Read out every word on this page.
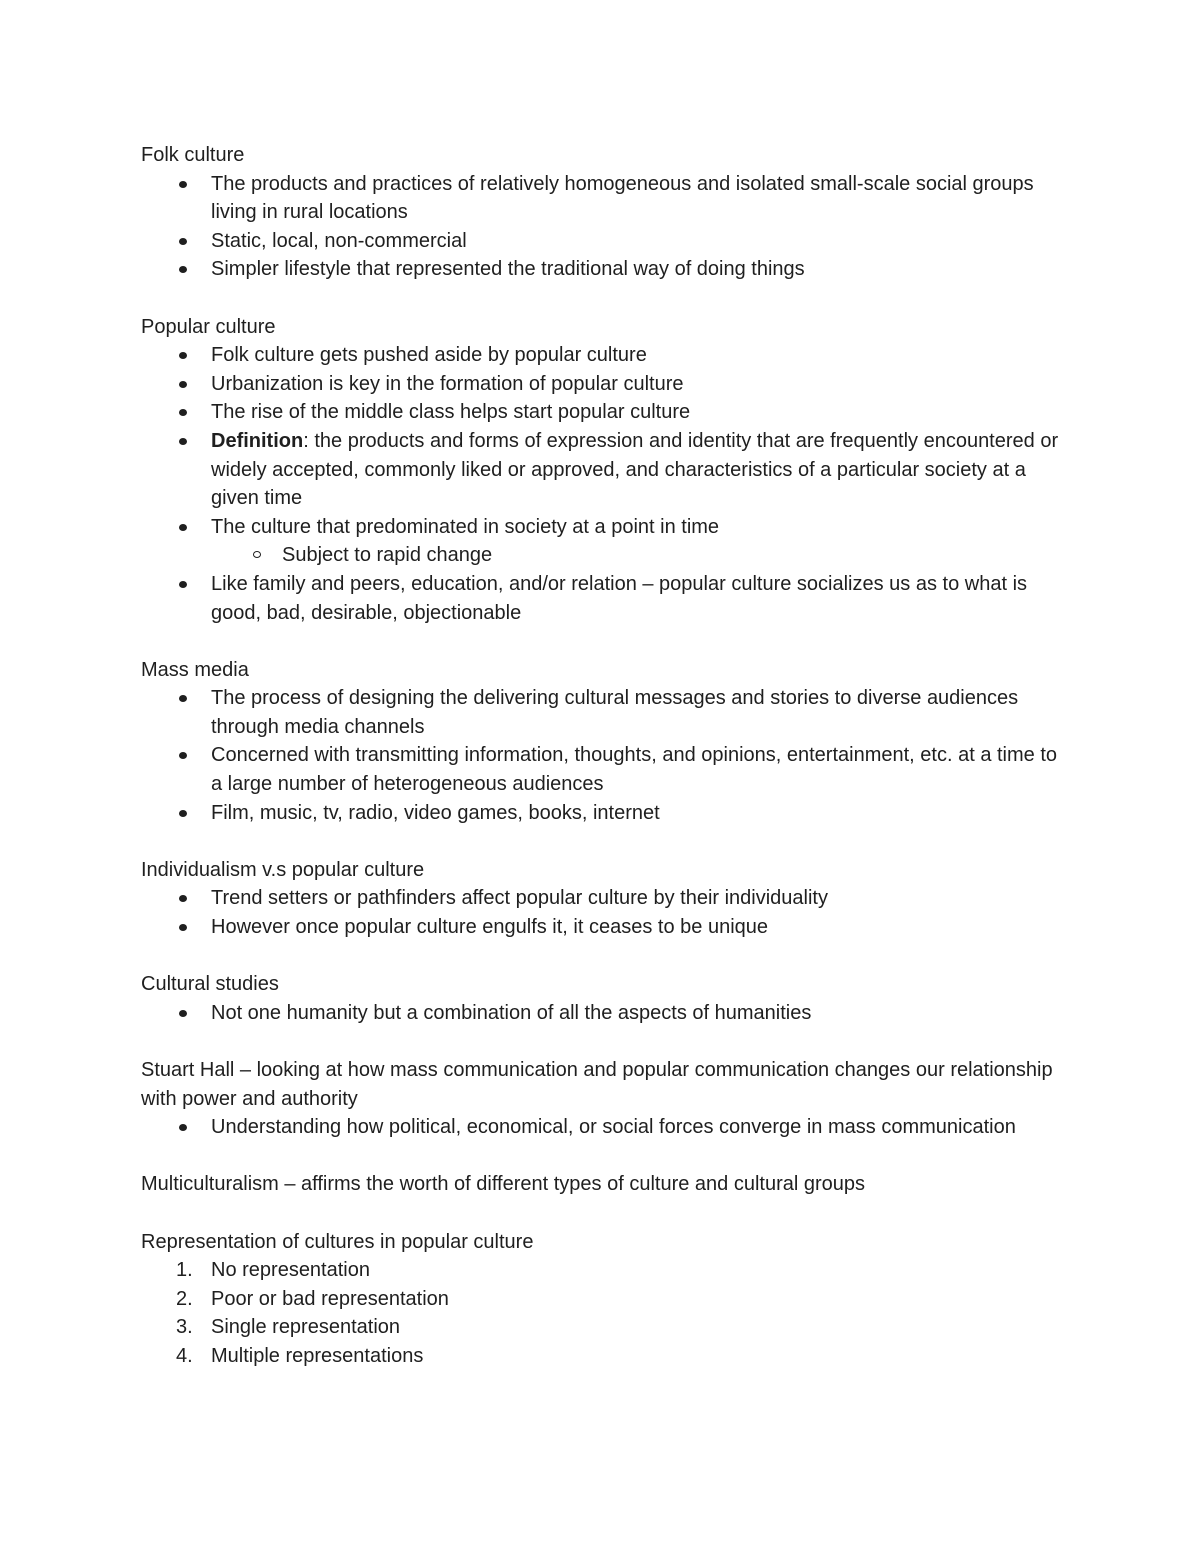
Folk culture
The products and practices of relatively homogeneous and isolated small-scale social groups living in rural locations
Static, local, non-commercial
Simpler lifestyle that represented the traditional way of doing things
Popular culture
Folk culture gets pushed aside by popular culture
Urbanization is key in the formation of popular culture
The rise of the middle class helps start popular culture
Definition: the products and forms of expression and identity that are frequently encountered or widely accepted, commonly liked or approved, and characteristics of a particular society at a given time
The culture that predominated in society at a point in time
Subject to rapid change
Like family and peers, education, and/or relation – popular culture socializes us as to what is good, bad, desirable, objectionable
Mass media
The process of designing the delivering cultural messages and stories to diverse audiences through media channels
Concerned with transmitting information, thoughts, and opinions, entertainment, etc. at a time to a large number of heterogeneous audiences
Film, music, tv, radio, video games, books, internet
Individualism v.s popular culture
Trend setters or pathfinders affect popular culture by their individuality
However once popular culture engulfs it, it ceases to be unique
Cultural studies
Not one humanity but a combination of all the aspects of humanities
Stuart Hall – looking at how mass communication and popular communication changes our relationship with power and authority
Understanding how political, economical, or social forces converge in mass communication
Multiculturalism – affirms the worth of different types of culture and cultural groups
Representation of cultures in popular culture
1. No representation
2. Poor or bad representation
3. Single representation
4. Multiple representations
